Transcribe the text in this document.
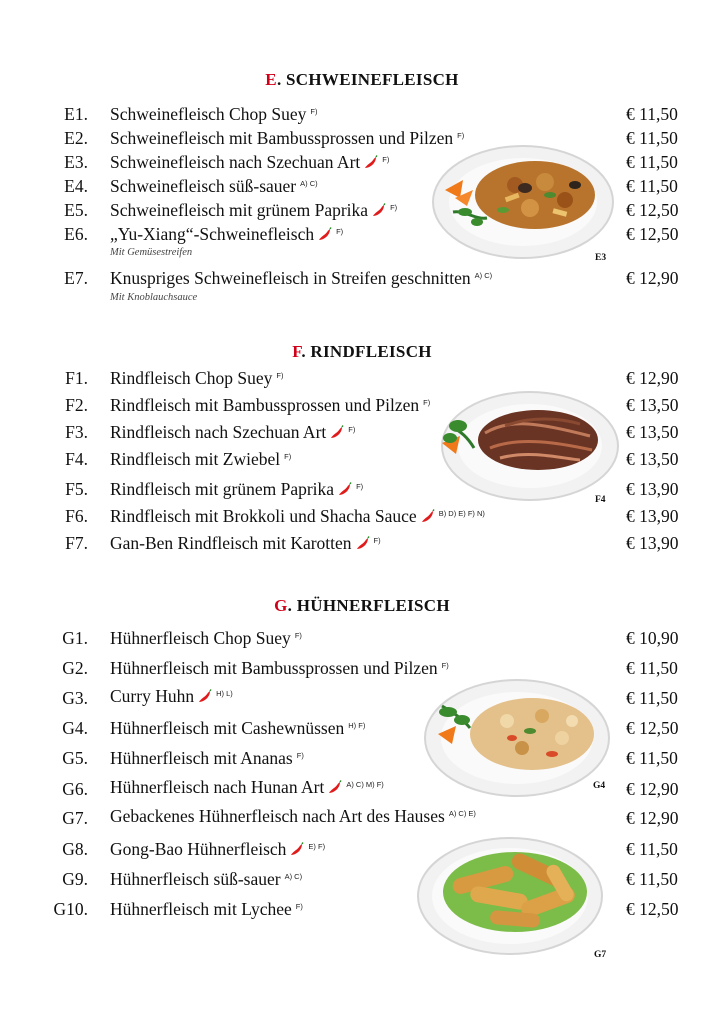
E. SCHWEINEFLEISCH
E1. Schweinefleisch Chop Suey $^{F)}$	€ 11,50
E2. Schweinefleisch mit Bambussprossen und Pilzen $^{F)}$	€ 11,50
E3. Schweinefleisch nach Szechuan Art	$^{F)}$	€ 11,50
E4. Schweinefleisch süß-sauer $^{A) C)}$	€ 11,50
E5. Schweinefleisch mit grünem Paprika	$^{F)}$	€ 12,50
E6. „Yu-Xiang“-Schweinefleisch	$^{F)}$	€ 12,50
Mit Gemüsestreifen
E7. Knuspriges Schweinefleisch in Streifen geschnitten $^{A) C)}$	€ 12,90
Mit Knoblauchsauce
E3
F. RINDFLEISCH
F1. Rindfleisch Chop Suey $^{F)}$	€ 12,90
F2. Rindfleisch mit Bambussprossen und Pilzen $^{F)}$	€ 13,50
F3. Rindfleisch nach Szechuan Art	$^{F)}$	€ 13,50
F4. Rindfleisch mit Zwiebel $^{F)}$	€ 13,50
F5. Rindfleisch mit grünem Paprika	$^{F)}$	€ 13,90
F6. Rindfleisch mit Brokkoli und Shacha Sauce	$^{B) D) E) F) N)}$	€ 13,90
F7. Gan-Ben Rindfleisch mit Karotten	$^{F)}$	€ 13,90
F4
G. HÜHNERFLEISCH
G1. Hühnerfleisch Chop Suey $^{F)}$	€ 10,90
G2. Hühnerfleisch mit Bambussprossen und Pilzen $^{F)}$	€ 11,50
G3. Curry Huhn	$^{H) L)}$	€ 11,50
G4. Hühnerfleisch mit Cashewnüssen $^{H) F)}$	€ 12,50
G5. Hühnerfleisch mit Ananas $^{F)}$	€ 11,50
G6. Hühnerfleisch nach Hunan Art	$^{A) C) M) F)}$	€ 12,90
G7. Gebackenes Hühnerfleisch nach Art des Hauses $^{A) C) E)}$	€ 12,90
G8. Gong-Bao Hühnerfleisch	$^{E) F)}$	€ 11,50
G9. Hühnerfleisch süß-sauer $^{A) C)}$	€ 11,50
G10. Hühnerfleisch mit Lychee $^{F)}$	€ 12,50
G4
G7
